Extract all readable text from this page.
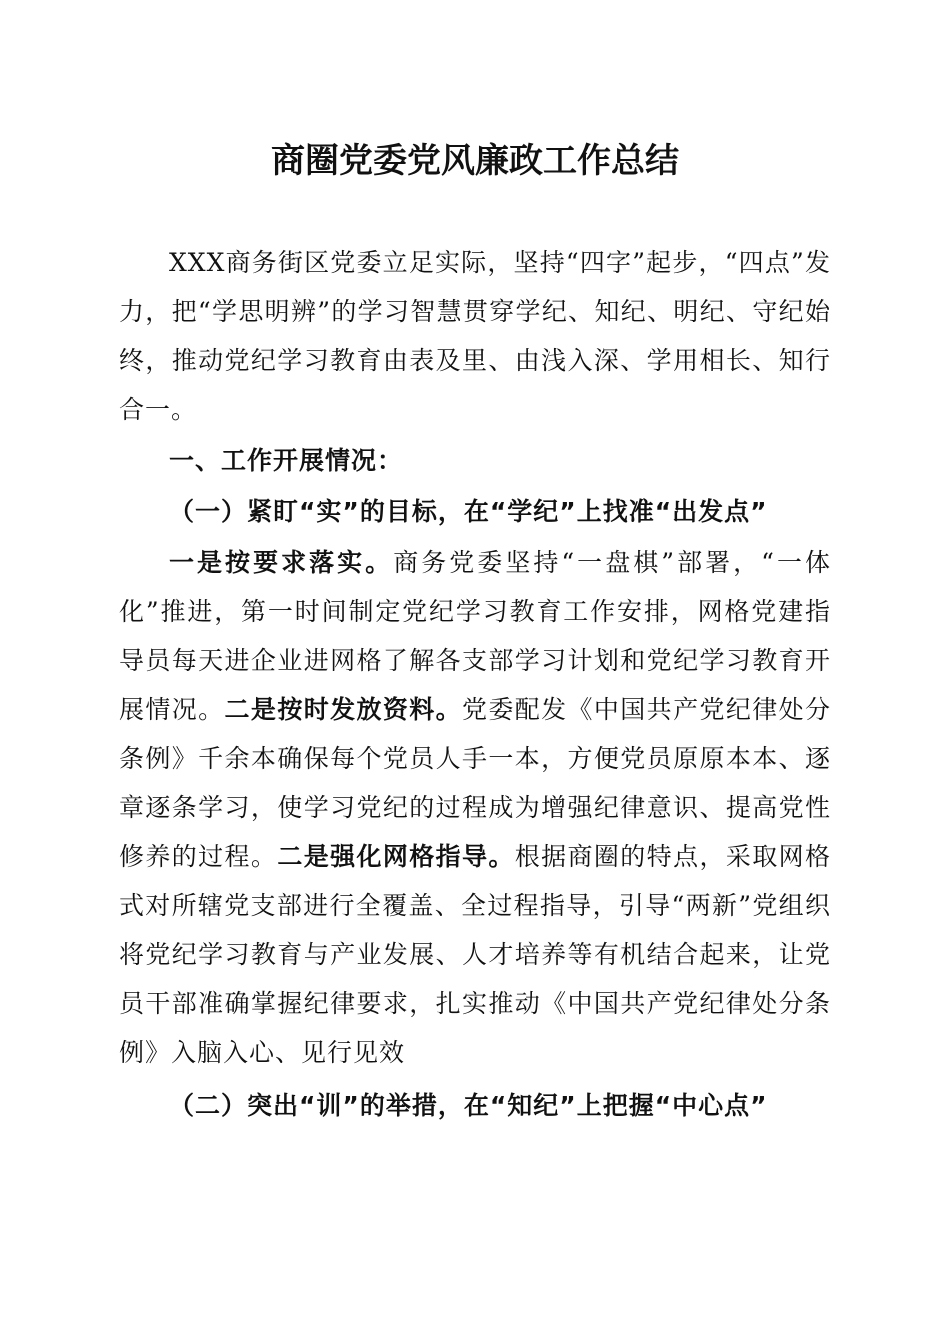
商圈党委党风廉政工作总结

XXX商务街区党委立足实际，坚持“四字”起步，“四点”发力，把“学思明辨”的学习智慧贯穿学纪、知纪、明纪、守纪始终，推动党纪学习教育由表及里、由浅入深、学用相长、知行合一。

一、工作开展情况：

（一）紧盯“实”的目标，在“学纪”上找准“出发点”

一是按要求落实。商务党委坚持“一盘棋”部署，“一体化”推进，第一时间制定党纪学习教育工作安排，网格党建指导员每天进企业进网格了解各支部学习计划和党纪学习教育开展情况。二是按时发放资料。党委配发《中国共产党纪律处分条例》千余本确保每个党员人手一本，方便党员原原本本、逐章逐条学习，使学习党纪的过程成为增强纪律意识、提高党性修养的过程。二是强化网格指导。根据商圈的特点，采取网格式对所辖党支部进行全覆盖、全过程指导，引导“两新”党组织将党纪学习教育与产业发展、人才培养等有机结合起来，让党员干部准确掌握纪律要求，扎实推动《中国共产党纪律处分条例》入脑入心、见行见效

（二）突出“训”的举措，在“知纪”上把握“中心点”
